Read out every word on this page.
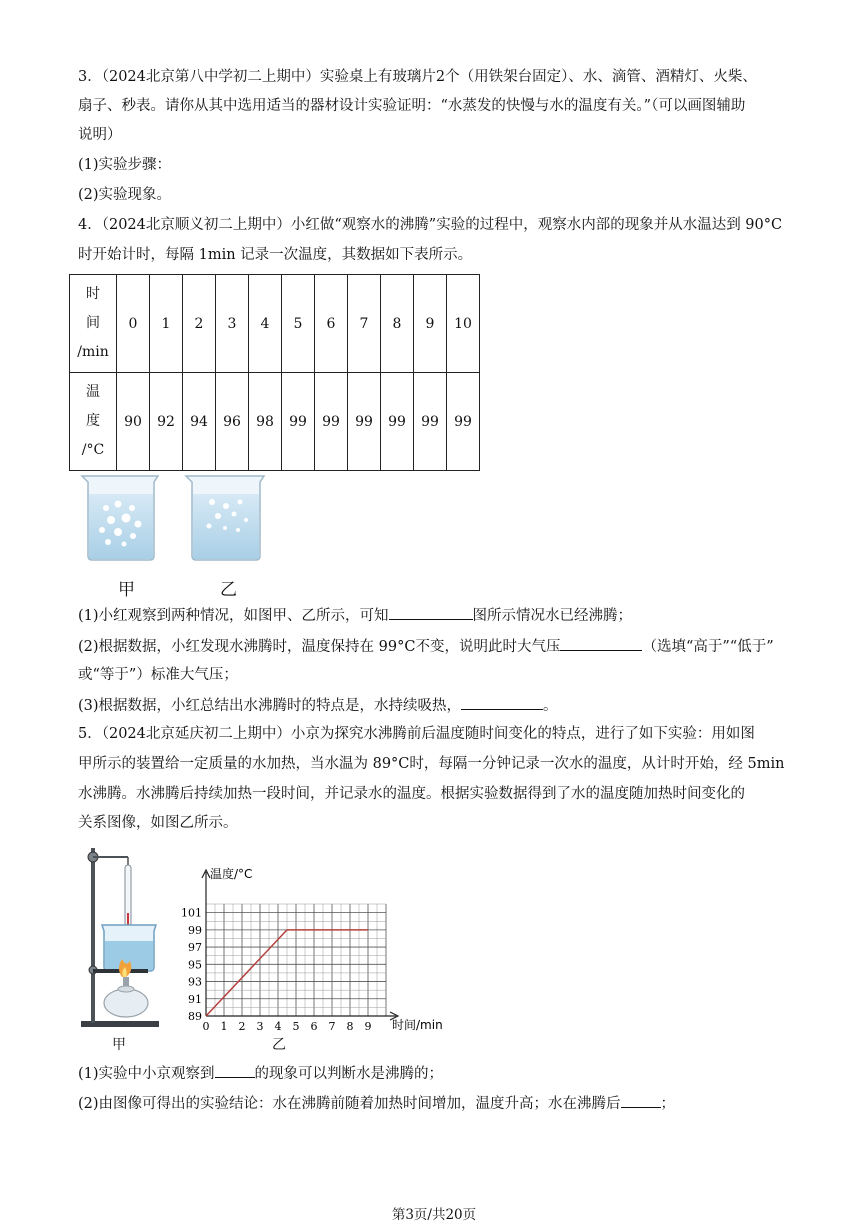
3．（2024北京第八中学初二上期中）实验桌上有玻璃片2个（用铁架台固定）、水、滴管、酒精灯、火柴、
扇子、秒表。请你从其中选用适当的器材设计实验证明：“水蒸发的快慢与水的温度有关。”（可以画图辅助
说明）
(1)实验步骤：
(2)实验现象。
4．（2024北京顺义初二上期中）小红做“观察水的沸腾”实验的过程中，观察水内部的现象并从水温达到 90°C
时开始计时，每隔 1min 记录一次温度，其数据如下表所示。
时
间
/min	0	1	2	3	4	5	6	7	8	9	10

温
度
/°C	90	92	94	96	98	99	99	99	99	99	99
甲	乙
(1)小红观察到两种情况，如图甲、乙所示，可知	图所示情况水已经沸腾；
(2)根据数据，小红发现水沸腾时，温度保持在 99°C不变，说明此时大气压	（选填“高于”“低于”
或“等于”）标准大气压；
(3)根据数据，小红总结出水沸腾时的特点是，水持续吸热，	。
5．（2024北京延庆初二上期中）小京为探究水沸腾前后温度随时间变化的特点，进行了如下实验：用如图
甲所示的装置给一定质量的水加热，当水温为 89°C时，每隔一分钟记录一次水的温度，从计时开始，经 5min
水沸腾。水沸腾后持续加热一段时间，并记录水的温度。根据实验数据得到了水的温度随加热时间变化的
关系图像，如图乙所示。
甲
温度/°C
时间/min
89
91
93
95
97
99
101
0 1 2 3 4 5 6 7 8 9
乙
(1)实验中小京观察到	的现象可以判断水是沸腾的；
(2)由图像可得出的实验结论：水在沸腾前随着加热时间增加，温度升高；水在沸腾后	；
第3页/共20页
